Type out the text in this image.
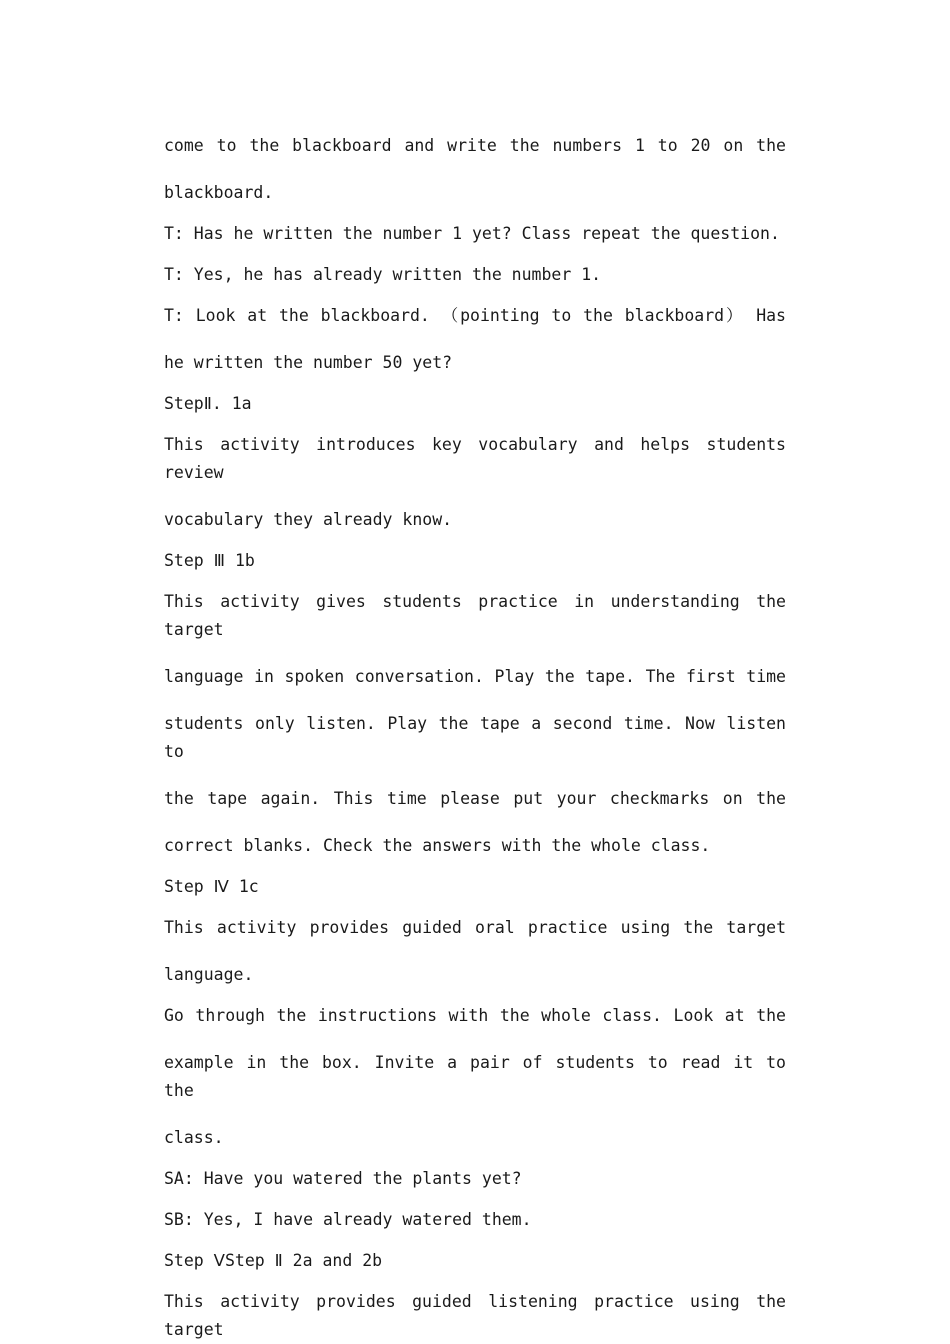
come to the blackboard and write the numbers 1 to 20 on the
blackboard.
T: Has he written the number 1 yet? Class repeat the question.
T: Yes, he has already written the number 1.
T: Look at the blackboard. （pointing to the blackboard） Has
he written the number 50 yet?
StepⅡ. 1a
This activity introduces key vocabulary and helps students review
vocabulary they already know.
Step Ⅲ 1b
This activity gives students practice in understanding the target
language in spoken conversation. Play the tape. The first time
students only listen. Play the tape a second time. Now listen to
the tape again. This time please put your checkmarks on the
correct blanks. Check the answers with the whole class.
Step Ⅳ 1c
This activity provides guided oral practice using the target
language.
Go through the instructions with the whole class. Look at the
example in the box. Invite a pair of students to read it to the
class.
SA: Have you watered the plants yet?
SB: Yes, I have already watered them.
Step ⅤStep Ⅱ 2a and 2b
This activity provides guided listening practice using the target
